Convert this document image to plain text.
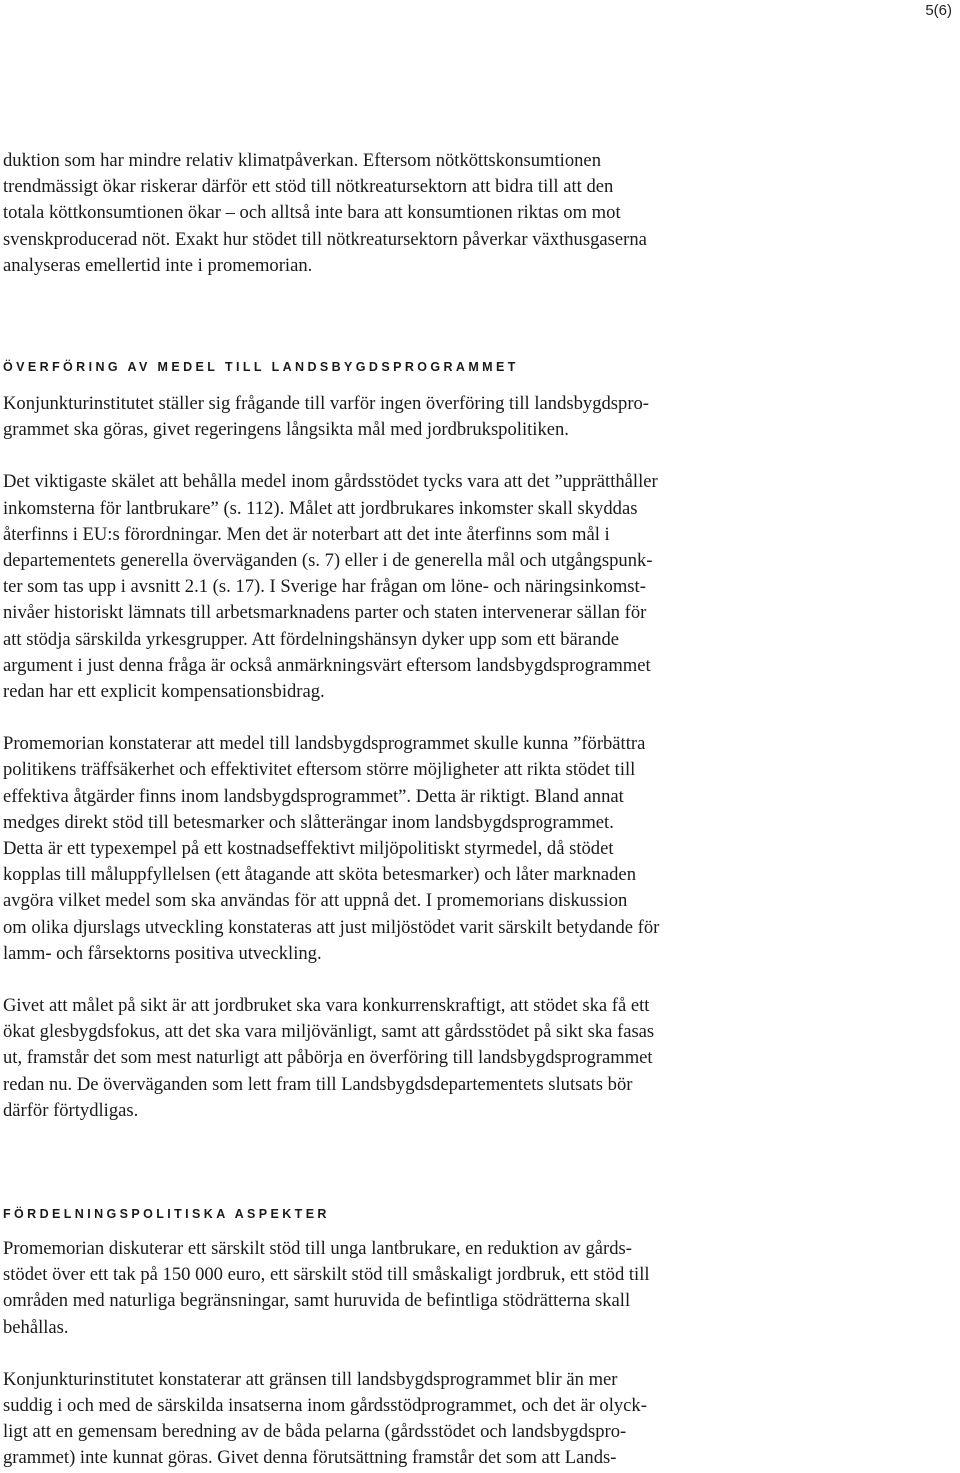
5(6)

duktion som har mindre relativ klimatpåverkan. Eftersom nötköttskonsumtionen

trendmässigt ökar riskerar därför ett stöd till nötkreatursektorn att bidra till att den

totala köttkonsumtionen ökar – och alltså inte bara att konsumtionen riktas om mot

svenskproducerad nöt. Exakt hur stödet till nötkreatursektorn påverkar växthusgaserna

analyseras emellertid inte i promemorian.

ÖVERFÖRING AV MEDEL TILL LANDSBYGDSPROGRAMMET

Konjunkturinstitutet ställer sig frågande till varför ingen överföring till landsbygdspro-

grammet ska göras, givet regeringens långsikta mål med jordbrukspolitiken.

Det viktigaste skälet att behålla medel inom gårdsstödet tycks vara att det ”upprätthåller

inkomsterna för lantbrukare” (s. 112). Målet att jordbrukares inkomster skall skyddas

återfinns i EU:s förordningar. Men det är noterbart att det inte återfinns som mål i

departementets generella överväganden (s. 7) eller i de generella mål och utgångspunk-

ter som tas upp i avsnitt 2.1 (s. 17). I Sverige har frågan om löne- och näringsinkomst-

nivåer historiskt lämnats till arbetsmarknadens parter och staten intervenerar sällan för

att stödja särskilda yrkesgrupper. Att fördelningshänsyn dyker upp som ett bärande

argument i just denna fråga är också anmärkningsvärt eftersom landsbygdsprogrammet

redan har ett explicit kompensationsbidrag.

Promemorian konstaterar att medel till landsbygdsprogrammet skulle kunna ”förbättra

politikens träffsäkerhet och effektivitet eftersom större möjligheter att rikta stödet till

effektiva åtgärder finns inom landsbygdsprogrammet”. Detta är riktigt. Bland annat

medges direkt stöd till betesmarker och slåtterängar inom landsbygdsprogrammet.

Detta är ett typexempel på ett kostnadseffektivt miljöpolitiskt styrmedel, då stödet

kopplas till måluppfyllelsen (ett åtagande att sköta betesmarker) och låter marknaden

avgöra vilket medel som ska användas för att uppnå det. I promemorians diskussion

om olika djurslags utveckling konstateras att just miljöstödet varit särskilt betydande för

lamm- och fårsektorns positiva utveckling.

Givet att målet på sikt är att jordbruket ska vara konkurrenskraftigt, att stödet ska få ett

ökat glesbygdsfokus, att det ska vara miljövänligt, samt att gårdsstödet på sikt ska fasas

ut, framstår det som mest naturligt att påbörja en överföring till landsbygdsprogrammet

redan nu. De överväganden som lett fram till Landsbygdsdepartementets slutsats bör

därför förtydligas.

FÖRDELNINGSPOLITISKA ASPEKTER

Promemorian diskuterar ett särskilt stöd till unga lantbrukare, en reduktion av gårds-

stödet över ett tak på 150 000 euro, ett särskilt stöd till småskaligt jordbruk, ett stöd till

områden med naturliga begränsningar, samt huruvida de befintliga stödrätterna skall

behållas.

Konjunkturinstitutet konstaterar att gränsen till landsbygdsprogrammet blir än mer

suddig i och med de särskilda insatserna inom gårdsstödprogrammet, och det är olyck-

ligt att en gemensam beredning av de båda pelarna (gårdsstödet och landsbygdspro-

grammet) inte kunnat göras. Givet denna förutsättning framstår det som att Lands-
